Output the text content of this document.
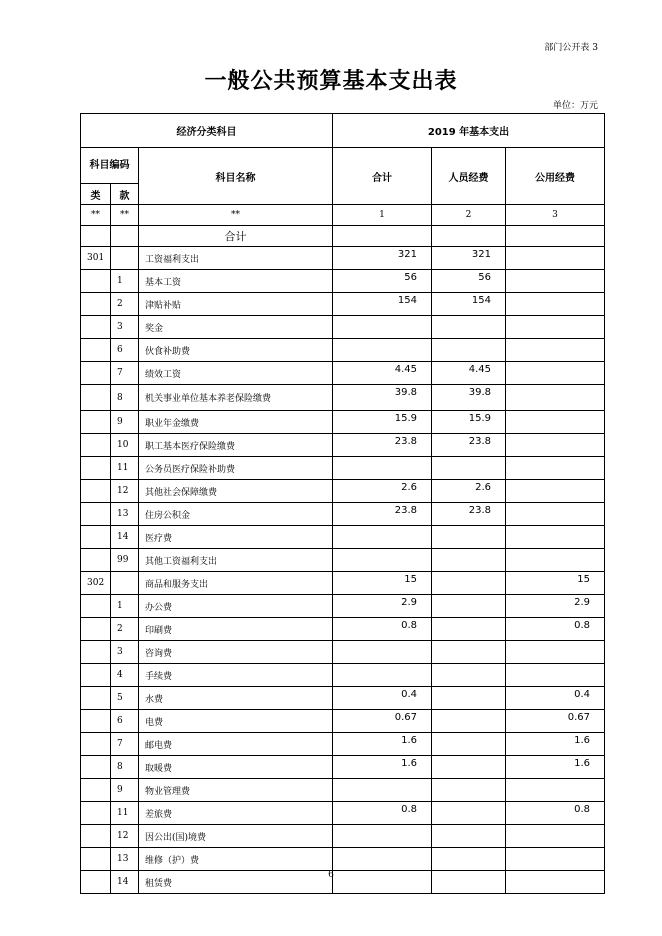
部门公开表 3
一般公共预算基本支出表
单位：万元
经济分类科目			2019 年基本支出		
科目编码		科目名称	合计	人员经费	公用经费
类	款				
**	**	**	1	2	3
		合计			
301		工资福利支出	321	321	
	1	基本工资	56	56	
	2	津贴补贴	154	154	
	3	奖金			
	6	伙食补助费			
	7	绩效工资	4.45	4.45	
	8	机关事业单位基本养老保险缴费	39.8	39.8	
	9	职业年金缴费	15.9	15.9	
	10	职工基本医疗保险缴费	23.8	23.8	
	11	公务员医疗保险补助费			
	12	其他社会保障缴费	2.6	2.6	
	13	住房公积金	23.8	23.8	
	14	医疗费			
	99	其他工资福利支出			
302		商品和服务支出	15		15
	1	办公费	2.9		2.9
	2	印刷费	0.8		0.8
	3	咨询费			
	4	手续费			
	5	水费	0.4		0.4
	6	电费	0.67		0.67
	7	邮电费	1.6		1.6
	8	取暖费	1.6		1.6
	9	物业管理费			
	11	差旅费	0.8		0.8
	12	因公出(国)境费			
	13	维修（护）费			
	14	租赁费			
6
